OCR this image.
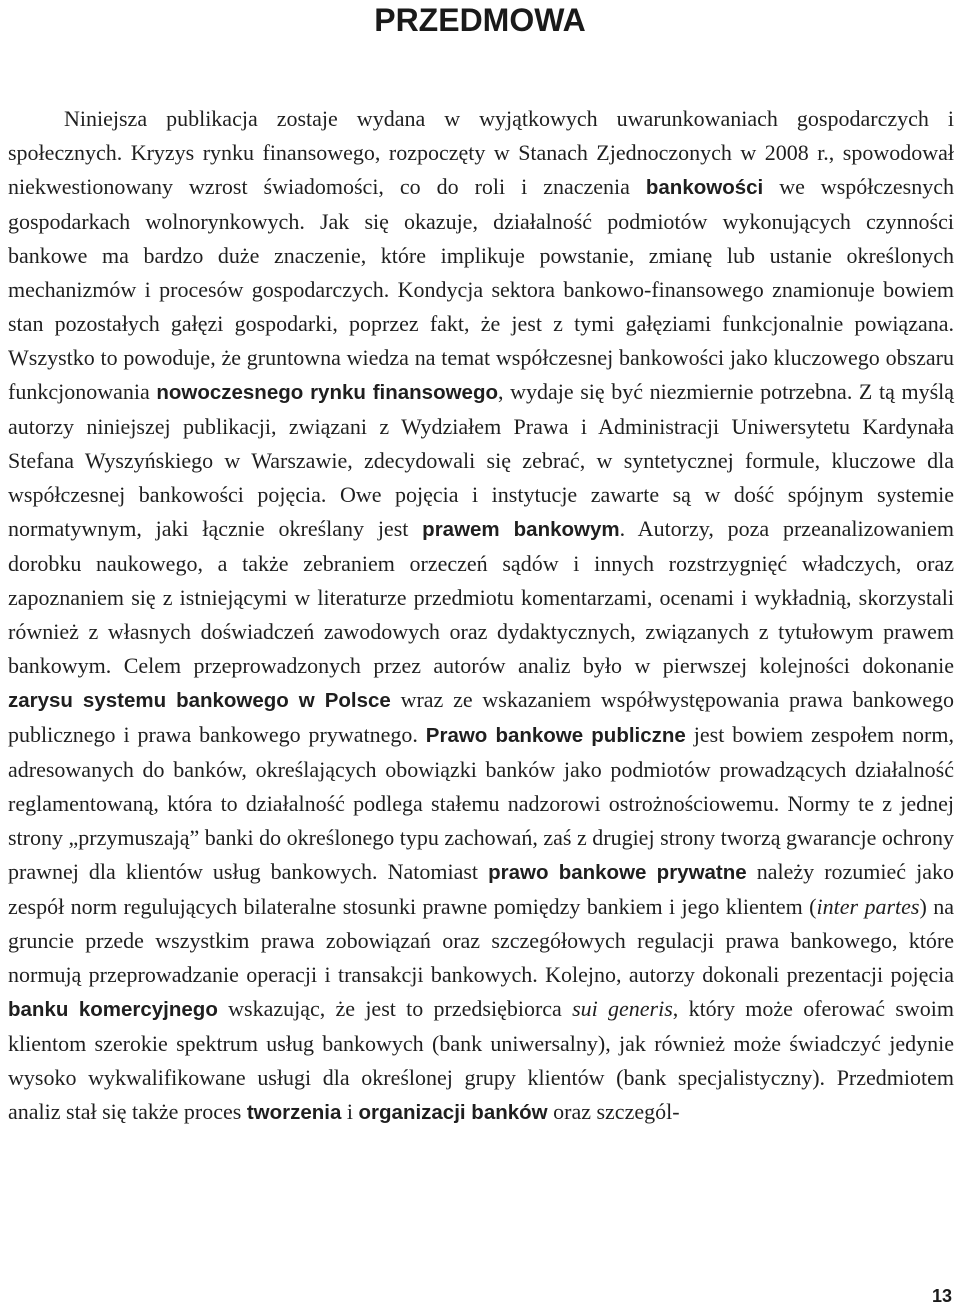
PRZEDMOWA

Niniejsza publikacja zostaje wydana w wyjątkowych uwarunkowaniach gospodarczych i społecznych. Kryzys rynku finansowego, rozpoczęty w Stanach Zjednoczonych w 2008 r., spowodował niekwestionowany wzrost świadomości, co do roli i znaczenia bankowości we współczesnych gospodarkach wolnorynkowych. Jak się okazuje, działalność podmiotów wykonujących czynności bankowe ma bardzo duże znaczenie, które implikuje powstanie, zmianę lub ustanie określonych mechanizmów i procesów gospodarczych. Kondycja sektora bankowo-finansowego znamionuje bowiem stan pozostałych gałęzi gospodarki, poprzez fakt, że jest z tymi gałęziami funkcjonalnie powiązana. Wszystko to powoduje, że gruntowna wiedza na temat współczesnej bankowości jako kluczowego obszaru funkcjonowania nowoczesnego rynku finansowego, wydaje się być niezmiernie potrzebna. Z tą myślą autorzy niniejszej publikacji, związani z Wydziałem Prawa i Administracji Uniwersytetu Kardynała Stefana Wyszyńskiego w Warszawie, zdecydowali się zebrać, w syntetycznej formule, kluczowe dla współczesnej bankowości pojęcia. Owe pojęcia i instytucje zawarte są w dość spójnym systemie normatywnym, jaki łącznie określany jest prawem bankowym. Autorzy, poza przeanalizowaniem dorobku naukowego, a także zebraniem orzeczeń sądów i innych rozstrzygnięć władczych, oraz zapoznaniem się z istniejącymi w literaturze przedmiotu komentarzami, ocenami i wykładnią, skorzystali również z własnych doświadczeń zawodowych oraz dydaktycznych, związanych z tytułowym prawem bankowym. Celem przeprowadzonych przez autorów analiz było w pierwszej kolejności dokonanie zarysu systemu bankowego w Polsce wraz ze wskazaniem współwystępowania prawa bankowego publicznego i prawa bankowego prywatnego. Prawo bankowe publiczne jest bowiem zespołem norm, adresowanych do banków, określających obowiązki banków jako podmiotów prowadzących działalność reglamentowaną, która to działalność podlega stałemu nadzorowi ostrożnościowemu. Normy te z jednej strony „przymuszają” banki do określonego typu zachowań, zaś z drugiej strony tworzą gwarancje ochrony prawnej dla klientów usług bankowych. Natomiast prawo bankowe prywatne należy rozumieć jako zespół norm regulujących bilateralne stosunki prawne pomiędzy bankiem i jego klientem (inter partes) na gruncie przede wszystkim prawa zobowiązań oraz szczegółowych regulacji prawa bankowego, które normują przeprowadzanie operacji i transakcji bankowych. Kolejno, autorzy dokonali prezentacji pojęcia banku komercyjnego wskazując, że jest to przedsiębiorca sui generis, który może oferować swoim klientom szerokie spektrum usług bankowych (bank uniwersalny), jak również może świadczyć jedynie wysoko wykwalifikowane usługi dla określonej grupy klientów (bank specjalistyczny). Przedmiotem analiz stał się także proces tworzenia i organizacji banków oraz szczegól-

13
